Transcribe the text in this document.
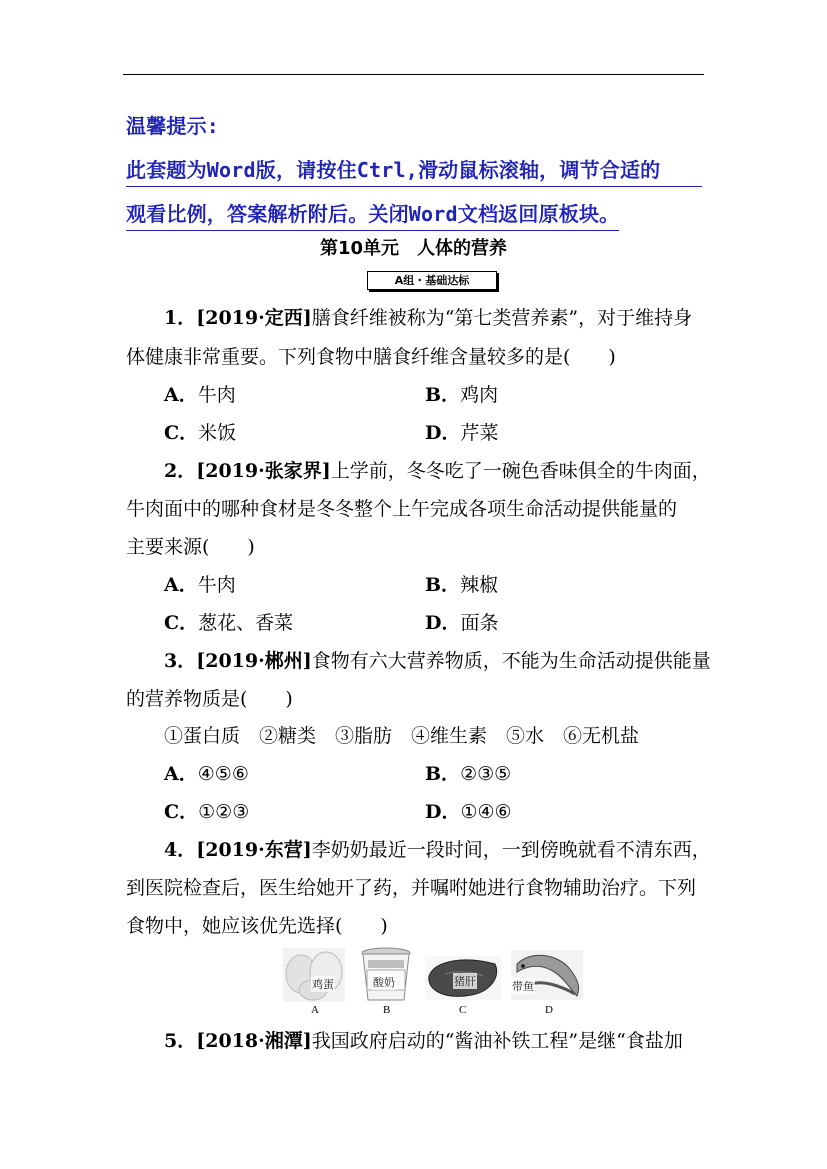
温馨提示:
此套题为Word版，请按住Ctrl,滑动鼠标滚轴，调节合适的
观看比例，答案解析附后。关闭Word文档返回原板块。
第10单元　人体的营养
A组・基础达标
1．[2019·定西]膳食纤维被称为“第七类营养素”，对于维持身
体健康非常重要。下列食物中膳食纤维含量较多的是(　　)
A．牛肉	B．鸡肉
C．米饭	D．芹菜
2．[2019·张家界]上学前，冬冬吃了一碗色香味俱全的牛肉面，
牛肉面中的哪种食材是冬冬整个上午完成各项生命活动提供能量的
主要来源(　　)
A．牛肉	B．辣椒
C．葱花、香菜	D．面条
3．[2019·郴州]食物有六大营养物质，不能为生命活动提供能量
的营养物质是(　　)
①蛋白质　②糖类　③脂肪　④维生素　⑤水　⑥无机盐
A．④⑤⑥	B．②③⑤
C．①②③	D．①④⑥
4．[2019·东营]李奶奶最近一段时间，一到傍晚就看不清东西，
到医院检查后，医生给她开了药，并嘱咐她进行食物辅助治疗。下列
食物中，她应该优先选择(　　)
鸡蛋
A
酸奶
B
猪肝
C
带鱼
D
5．[2018·湘潭]我国政府启动的“酱油补铁工程”是继“食盐加
